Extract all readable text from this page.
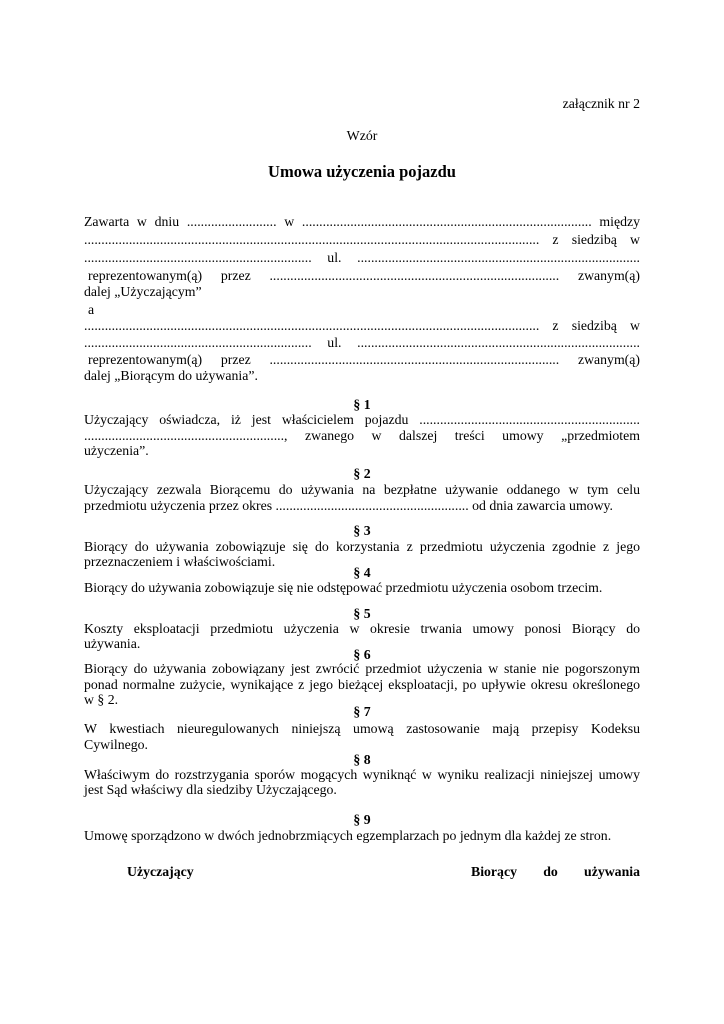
załącznik nr 2
Wzór
Umowa użyczenia pojazdu
Zawarta w dniu .......................... w .................................................................................... między
.................................................................................................................................... z siedzibą w
.................................................................. ul. ..................................................................................
reprezentowanym(ą) przez .................................................................................... zwanym(ą)
dalej „Użyczającym”
a
.................................................................................................................................... z siedzibą w
.................................................................. ul. ..................................................................................
reprezentowanym(ą) przez .................................................................................... zwanym(ą)
dalej „Biorącym do używania”.
§ 1
Użyczający oświadcza, iż jest właścicielem pojazdu ................................................................
.........................................................., zwanego w dalszej treści umowy „przedmiotem
użyczenia”.
§ 2
Użyczający zezwala Biorącemu do używania na bezpłatne używanie oddanego w tym celu
przedmiotu użyczenia przez okres ........................................................ od dnia zawarcia umowy.
§ 3
Biorący do używania zobowiązuje się do korzystania z przedmiotu użyczenia zgodnie z jego
przeznaczeniem i właściwościami.
§ 4
Biorący do używania zobowiązuje się nie odstępować przedmiotu użyczenia osobom trzecim.
§ 5
Koszty eksploatacji przedmiotu użyczenia w okresie trwania umowy ponosi Biorący do
używania.
§ 6
Biorący do używania zobowiązany jest zwrócić przedmiot użyczenia w stanie nie pogorszonym
ponad normalne zużycie, wynikające z jego bieżącej eksploatacji, po upływie okresu określonego
w § 2.
§ 7
W kwestiach nieuregulowanych niniejszą umową zastosowanie mają przepisy Kodeksu
Cywilnego.
§ 8
Właściwym do rozstrzygania sporów mogących wyniknąć w wyniku realizacji niniejszej umowy
jest Sąd właściwy dla siedziby Użyczającego.
§ 9
Umowę sporządzono w dwóch jednobrzmiących egzemplarzach po jednym dla każdej ze stron.
Użyczający	Biorący do używania
